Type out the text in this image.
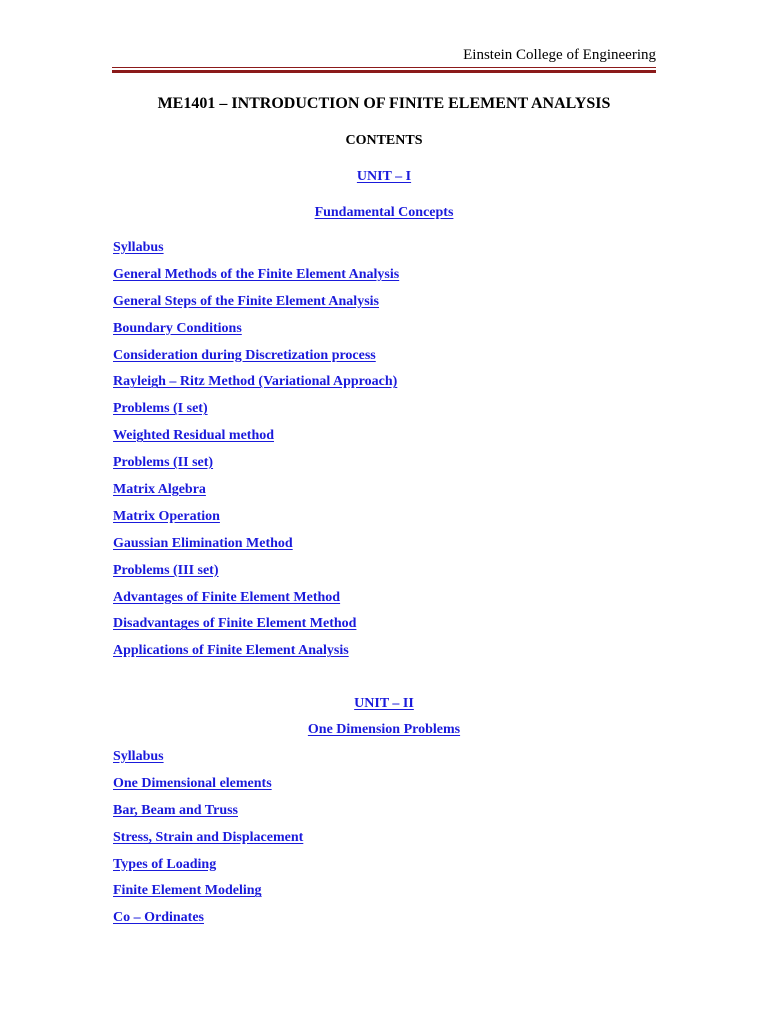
Einstein College of Engineering
ME1401 – INTRODUCTION OF FINITE ELEMENT ANALYSIS
CONTENTS
UNIT – I
Fundamental Concepts
Syllabus
General Methods of the Finite Element Analysis
General Steps of the Finite Element Analysis
Boundary Conditions
Consideration during Discretization process
Rayleigh – Ritz Method (Variational Approach)
Problems (I set)
Weighted Residual method
Problems (II set)
Matrix Algebra
Matrix Operation
Gaussian Elimination Method
Problems (III set)
Advantages of Finite Element Method
Disadvantages of Finite Element Method
Applications of Finite Element Analysis
UNIT – II
One Dimension Problems
Syllabus
One Dimensional elements
Bar, Beam and Truss
Stress, Strain and Displacement
Types of Loading
Finite Element Modeling
Co – Ordinates
